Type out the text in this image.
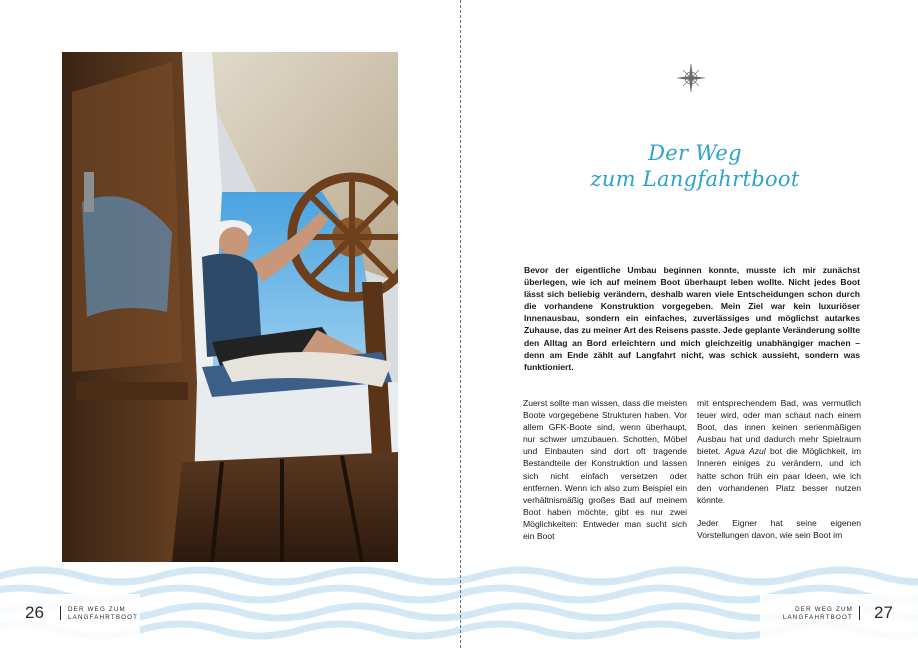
26	DER WEG ZUM
LANGFAHRTBOOT
Der Weg
zum Langfahrtboot
Bevor der eigentliche Umbau beginnen konnte, musste ich mir zunächst überlegen, wie ich auf meinem Boot überhaupt leben wollte. Nicht jedes Boot lässt sich beliebig verändern, deshalb waren viele Entscheidungen schon durch die vorhandene Konstruktion vorgegeben. Mein Ziel war kein luxuriöser Innenausbau, sondern ein einfaches, zuverlässiges und möglichst autarkes Zuhause, das zu meiner Art des Reisens passte. Jede geplante Veränderung sollte den Alltag an Bord erleichtern und mich gleichzeitig unabhängiger machen – denn am Ende zählt auf Langfahrt nicht, was schick aussieht, sondern was funktioniert.

Zuerst sollte man wissen, dass die meisten Boote vorgegebene Strukturen haben. Vor allem GFK-Boote sind, wenn überhaupt, nur schwer umzubauen. Schotten, Möbel und Einbauten sind dort oft tragende Bestandteile der Konstruktion und lassen sich nicht einfach versetzen oder entfernen. Wenn ich also zum Beispiel ein verhältnismäßig großes Bad auf meinem Boot haben möchte, gibt es nur zwei Möglichkeiten: Entweder man sucht sich ein Boot

mit entsprechendem Bad, was vermutlich teuer wird, oder man schaut nach einem Boot, das innen keinen serienmäßigen Ausbau hat und dadurch mehr Spielraum bietet. Agua Azul bot die Möglichkeit, im Inneren einiges zu verändern, und ich hatte schon früh ein paar Ideen, wie ich den vorhandenen Platz besser nutzen könnte.

Jeder Eigner hat seine eigenen Vorstellungen davon, wie sein Boot im

DER WEG ZUM
LANGFAHRTBOOT 27
